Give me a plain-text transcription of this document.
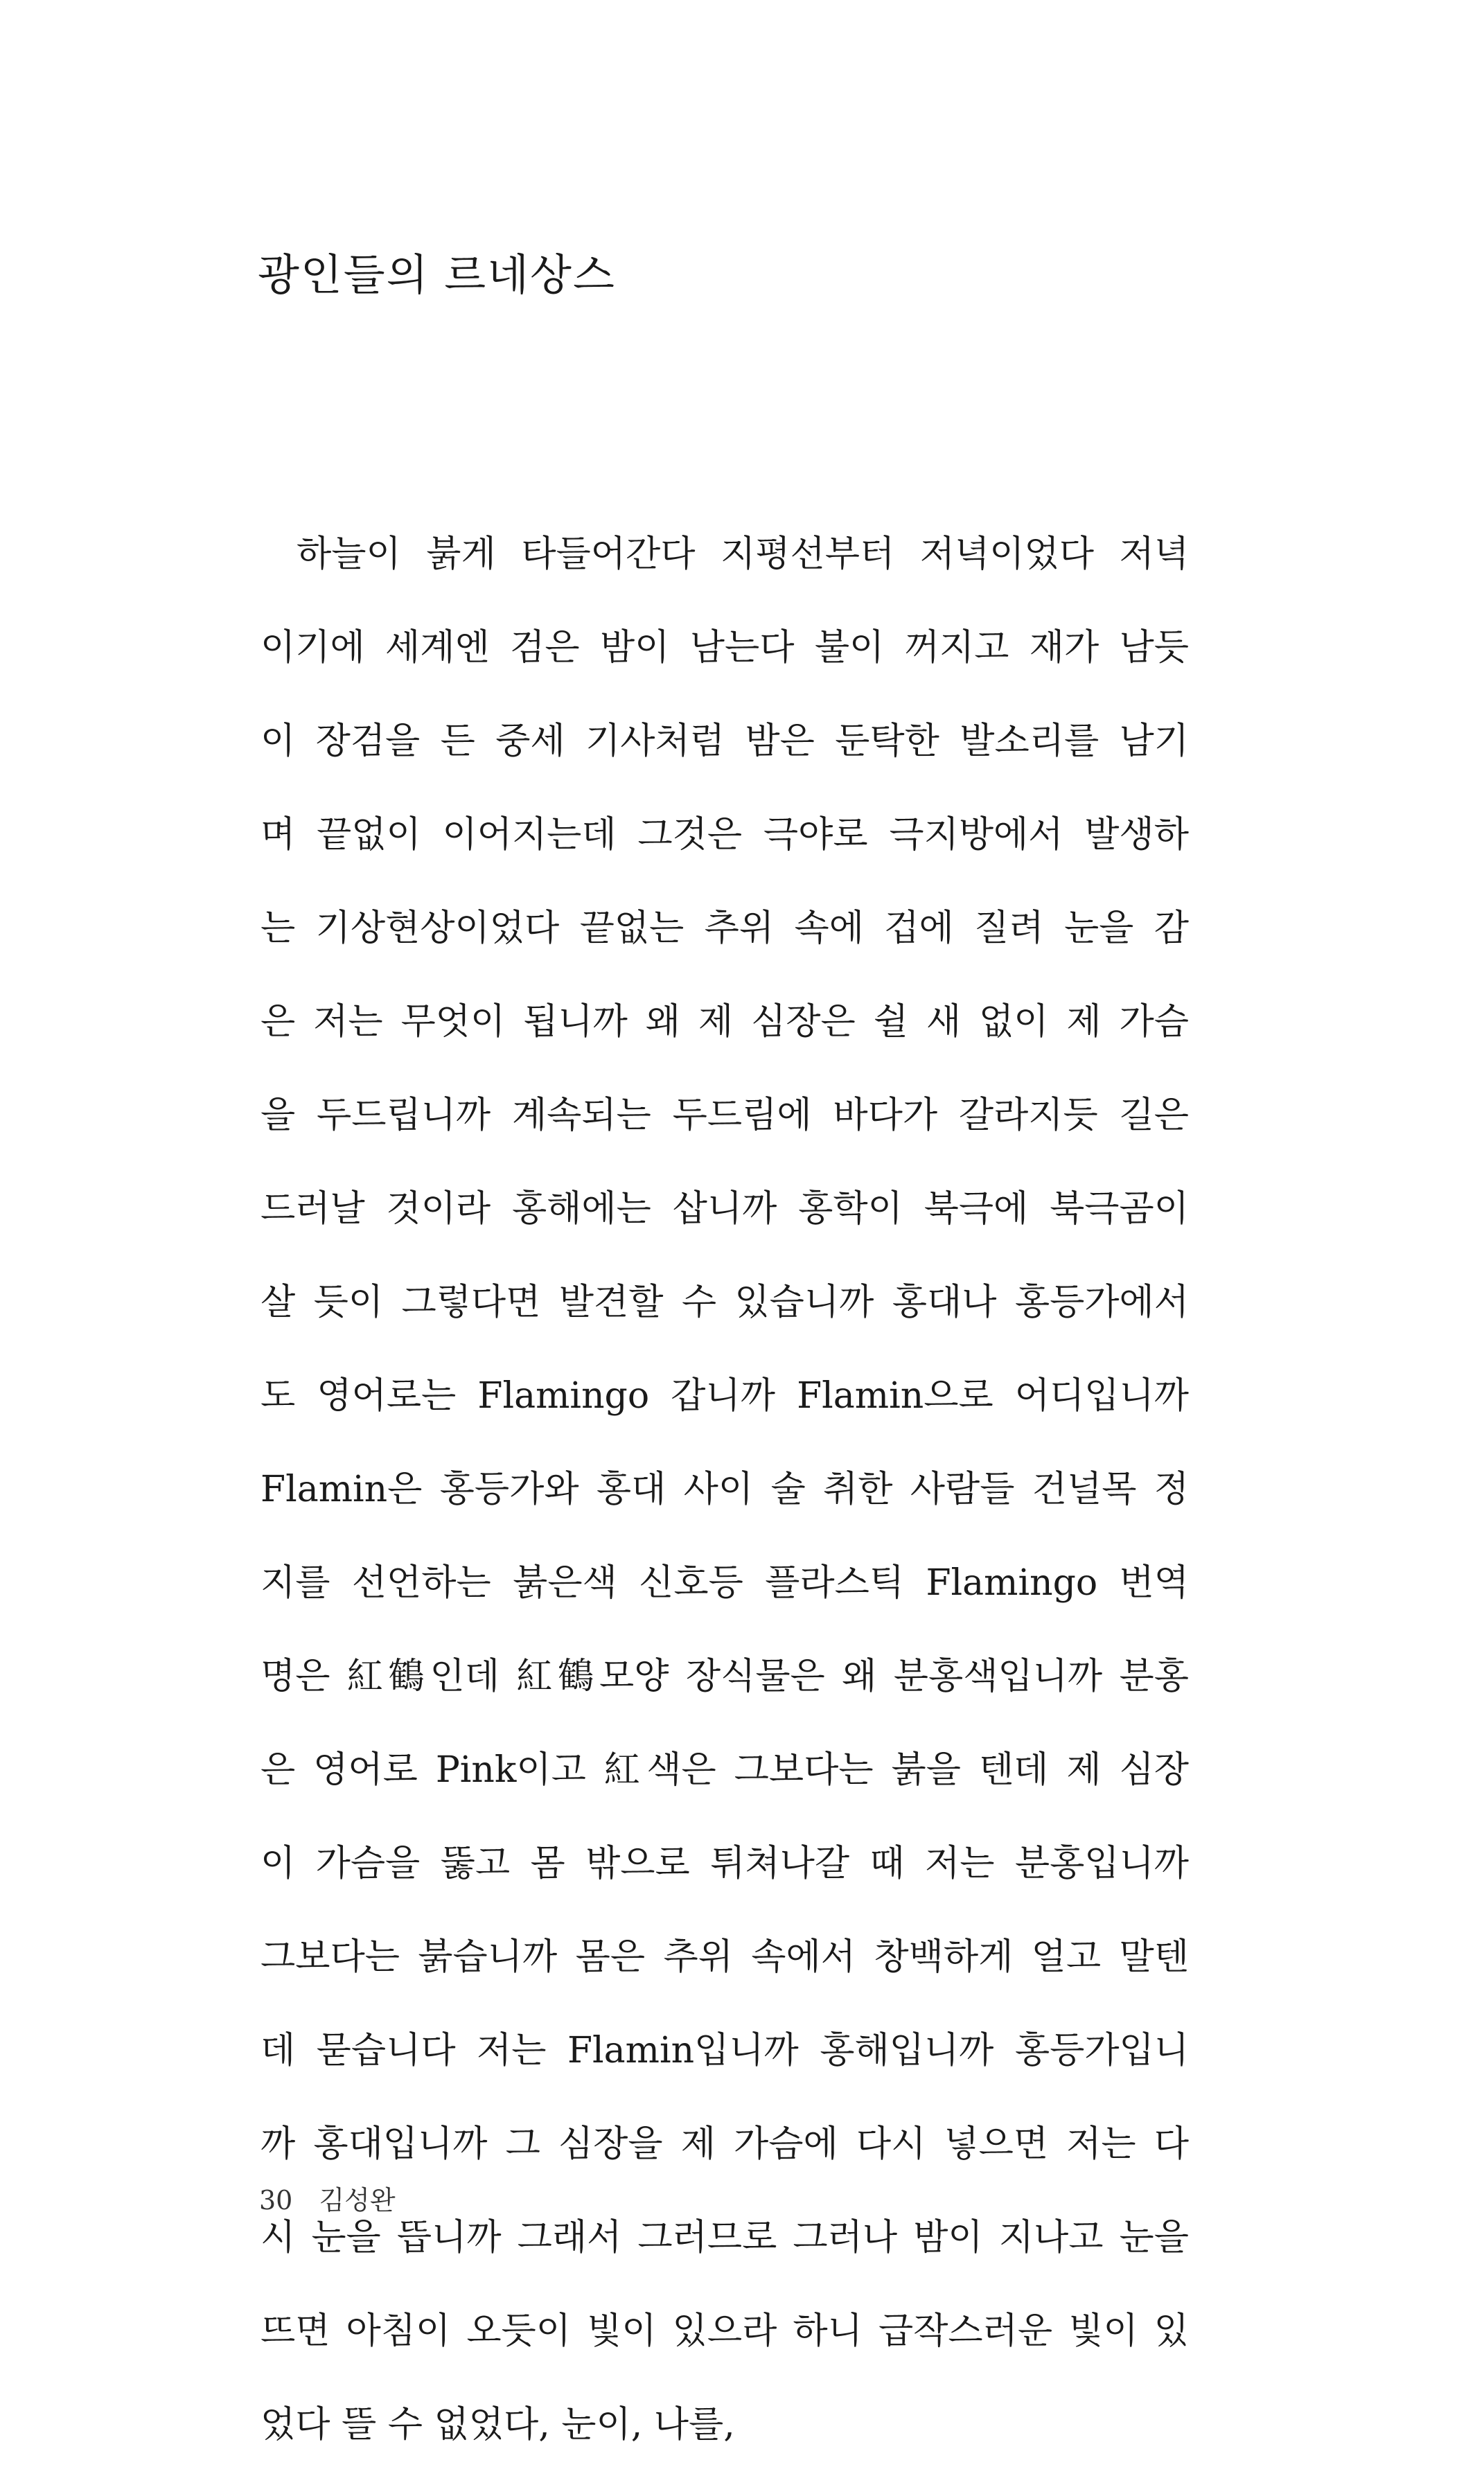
광인들의 르네상스
하늘이 붉게 타들어간다 지평선부터 저녁이었다 저녁
이기에 세계엔 검은 밤이 남는다 불이 꺼지고 재가 남듯
이 장검을 든 중세 기사처럼 밤은 둔탁한 발소리를 남기
며 끝없이 이어지는데 그것은 극야로 극지방에서 발생하
는 기상현상이었다 끝없는 추위 속에 겁에 질려 눈을 감
은 저는 무엇이 됩니까 왜 제 심장은 쉴 새 없이 제 가슴
을 두드립니까 계속되는 두드림에 바다가 갈라지듯 길은
드러날 것이라 홍해에는 삽니까 홍학이 북극에 북극곰이
살 듯이 그렇다면 발견할 수 있습니까 홍대나 홍등가에서
도 영어로는 Flamingo 갑니까 Flamin으로 어디입니까
Flamin은 홍등가와 홍대 사이 술 취한 사람들 건널목 정
지를 선언하는 붉은색 신호등 플라스틱 Flamingo 번역
명은 紅鶴인데 紅鶴모양 장식물은 왜 분홍색입니까 분홍
은 영어로 Pink이고 紅색은 그보다는 붉을 텐데 제 심장
이 가슴을 뚫고 몸 밖으로 튀쳐나갈 때 저는 분홍입니까
그보다는 붉습니까 몸은 추위 속에서 창백하게 얼고 말텐
데 묻습니다 저는 Flamin입니까 홍해입니까 홍등가입니
까 홍대입니까 그 심장을 제 가슴에 다시 넣으면 저는 다
시 눈을 뜹니까 그래서 그러므로 그러나 밤이 지나고 눈을
뜨면 아침이 오듯이 빛이 있으라 하니 급작스러운 빛이 있
었다 뜰 수 없었다, 눈이, 나를,
30 김성완
